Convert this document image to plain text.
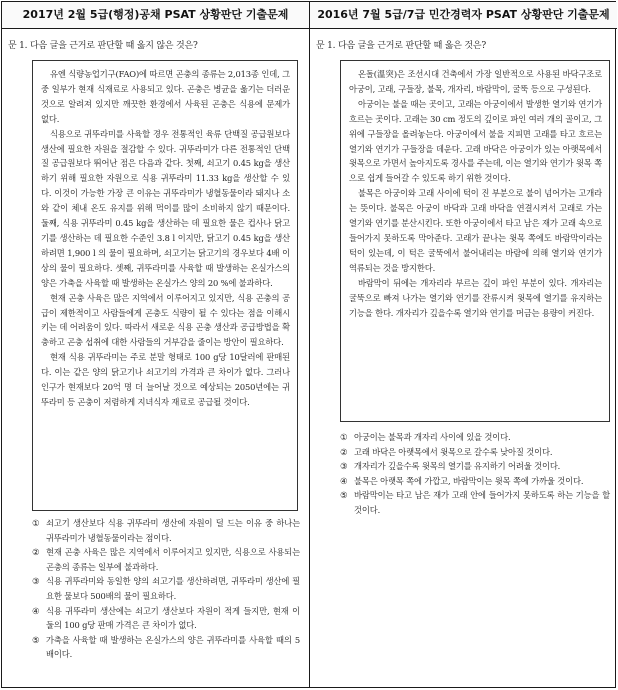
2017년 2월 5급(행정)공채 PSAT 상황판단 기출문제
문 1. 다음 글을 근거로 판단할 때 옳지 않은 것은?

유엔 식량농업기구(FAO)에 따르면 곤충의 종류는 2,013종 인데, 그 중 일부가 현재 식재료로 사용되고 있다. 곤충은 병균을 옮기는 더러운 것으로 알려져 있지만 깨끗한 환경에서 사육된 곤충은 식용에 문제가 없다.

식용으로 귀뚜라미를 사육할 경우 전통적인 육류 단백질 공급원보다 생산에 필요한 자원을 절감할 수 있다. 귀뚜라미가 다른 전통적인 단백질 공급원보다 뛰어난 점은 다음과 같다. 첫째, 쇠고기 0.45 kg을 생산하기 위해 필요한 자원으로 식용 귀뚜라미 11.33 kg을 생산할 수 있다. 이것이 가능한 가장 큰 이유는 귀뚜라미가 냉혈동물이라 돼지나 소와 같이 체내 온도 유지를 위해 먹이를 많이 소비하지 않기 때문이다. 둘째, 식용 귀뚜라미 0.45 kg을 생산하는 데 필요한 물은 컵사나 닭고기를 생산하는 데 필요한 수준인 3.8 l 이지만, 닭고기 0.45 kg을 생산하려면 1,900 l 의 물이 필요하며, 쇠고기는 닭고기의 경우보다 4배 이상의 물이 필요하다. 셋째, 귀뚜라미를 사육할 때 발생하는 온실가스의 양은 가축을 사육할 때 발생하는 온실가스 양의 20 %에 불과하다.

현재 곤충 사육은 많은 지역에서 이루어지고 있지만, 식용 곤충의 공급이 제한적이고 사람들에게 곤충도 식량이 될 수 있다는 점을 이해시키는 데 어려움이 있다. 따라서 새로운 식용 곤충 생산과 공급방법을 확충하고 곤충 섭취에 대한 사람들의 거부감을 줄이는 방안이 필요하다.

현재 식용 귀뚜라미는 주로 분말 형태로 100 g당 10달러에 판매된다. 이는 같은 양의 닭고기나 쇠고기의 가격과 큰 차이가 없다. 그러나 인구가 현재보다 20억 명 더 늘어날 것으로 예상되는 2050년에는 귀뚜라미 등 곤충이 저렴하게 지녀식자 재료로 공급될 것이다.

① 쇠고기 생산보다 식용 귀뚜라미 생산에 자원이 덜 드는 이유 중 하나는 귀뚜라미가 냉혈동물이라는 점이다.
② 현재 곤충 사육은 많은 지역에서 이루어지고 있지만, 식용으로 사용되는 곤충의 종류는 일부에 불과하다.
③ 식용 귀뚜라미와 동일한 양의 쇠고기를 생산하려면, 귀뚜라미 생산에 필요한 물보다 500배의 물이 필요하다.
④ 식용 귀뚜라미 생산에는 쇠고기 생산보다 자원이 적게 들지만, 현재 이 둘의 100 g당 판매 가격은 큰 차이가 없다.
⑤ 가축을 사육할 때 발생하는 온실가스의 양은 귀뚜라미를 사육할 때의 5배이다.
2016년 7월 5급/7급 민간경력자 PSAT 상황판단 기출문제
문 1. 다음 글을 근거로 판단할 때 옳은 것은?

온돌(溫突)은 조선시대 건축에서 가장 일반적으로 사용된 바닥구조로 아궁이, 고래, 구들장, 불목, 개자리, 바람막이, 굴뚝 등으로 구성된다.

아궁이는 불을 때는 곳이고, 고래는 아궁이에서 발생한 열기와 연기가 흐르는 곳이다. 고래는 30 cm 정도의 깊이로 파인 여러 개의 골이고, 그 위에 구들장을 올려놓는다. 아궁이에서 불을 지피면 고래를 타고 흐르는 열기와 연기가 구들장을 데운다. 고래 바닥은 아궁이가 있는 아랫목에서 윗목으로 가면서 높아지도록 경사를 주는데, 이는 열기와 연기가 윗목 쪽으로 쉽게 들어갈 수 있도록 하기 위한 것이다.

불목은 아궁이와 고래 사이에 턱이 진 부분으로 불이 넘어가는 고개라는 뜻이다. 불목은 아궁이 바닥과 고래 바닥을 연결시켜서 고래로 가는 열기와 연기를 분산시킨다. 또한 아궁이에서 타고 남은 재가 고래 속으로 들어가지 못하도록 막아준다. 고래가 끝나는 윗목 쪽에도 바람막이라는 턱이 있는데, 이 턱은 굴뚝에서 불어내리는 바람에 의해 열기와 연기가 역류되는 것을 방지한다.

바람막이 뒤에는 개자리라 부르는 깊이 파인 부분이 있다. 개자리는 굴뚝으로 빠져 나가는 열기와 연기를 잔류시켜 윗목에 열기를 유지하는 기능을 한다. 개자리가 깊을수록 열기와 연기를 머금는 용량이 커진다.

① 아궁이는 불목과 개자리 사이에 있을 것이다.
② 고래 바닥은 아랫목에서 윗목으로 갈수록 낮아질 것이다.
③ 개자리가 깊을수록 윗목의 열기를 유지하기 어려울 것이다.
④ 불목은 아랫목 쪽에 가깝고, 바람막이는 윗목 쪽에 가까울 것이다.
⑤ 바람막이는 타고 남은 재가 고래 안에 들어가지 못하도록 하는 기능을 할 것이다.
